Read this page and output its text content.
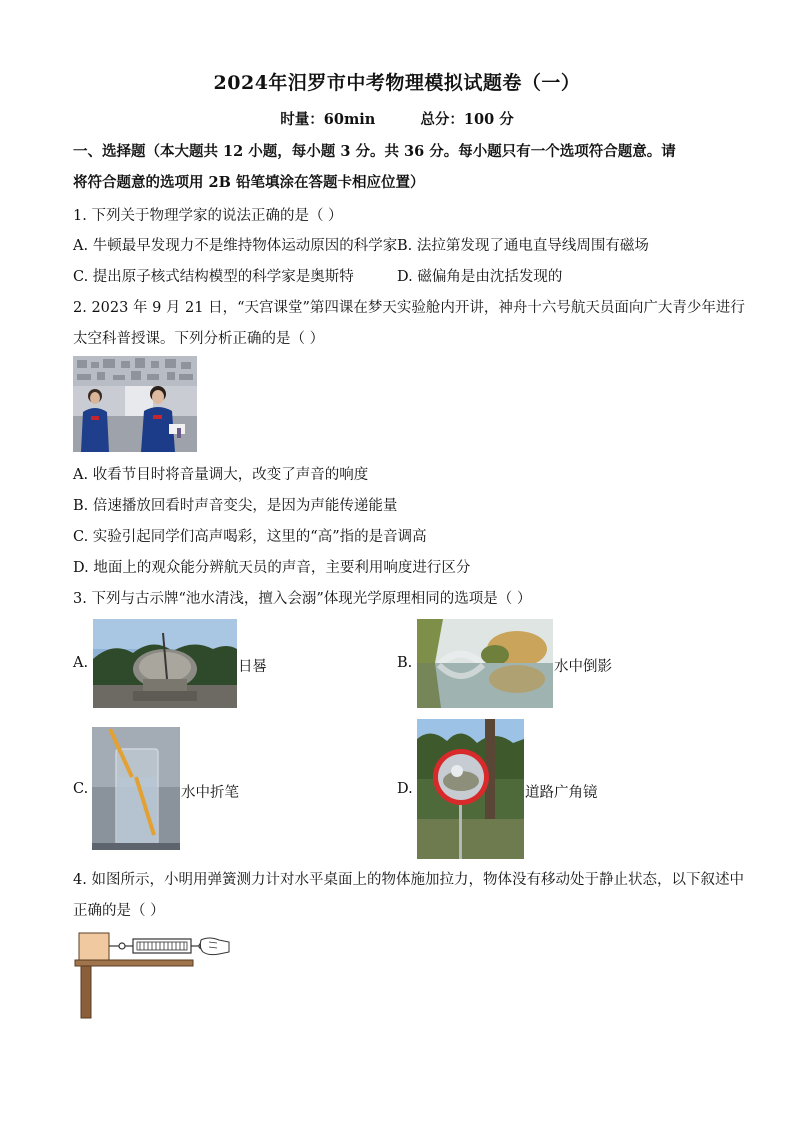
2024年汨罗市中考物理模拟试题卷（一）
时量：60min	总分：100 分
一、选择题（本大题共 12 小题，每小题 3 分。共 36 分。每小题只有一个选项符合题意。请
将符合题意的选项用 2B 铅笔填涂在答题卡相应位置）
1. 下列关于物理学家的说法正确的是（ ）
A. 牛顿最早发现力不是维持物体运动原因的科学家 B. 法拉第发现了通电直导线周围有磁场
C. 提出原子核式结构模型的科学家是奥斯特	D. 磁偏角是由沈括发现的
2. 2023 年 9 月 21 日，“天宫课堂”第四课在梦天实验舱内开讲，神舟十六号航天员面向广大青少年进行
太空科普授课。下列分析正确的是（ ）
A. 收看节目时将音量调大，改变了声音的响度
B. 倍速播放回看时声音变尖，是因为声能传递能量
C. 实验引起同学们高声喝彩，这里的“高”指的是音调高
D. 地面上的观众能分辨航天员的声音，主要利用响度进行区分
3. 下列与古示牌“池水清浅，擅入会溺”体现光学原理相同的选项是（ ）
A.	日晷	B.	水中倒影
C.	水中折笔	D.	道路广角镜
4. 如图所示，小明用弹簧测力计对水平桌面上的物体施加拉力，物体没有移动处于静止状态，以下叙述中
正确的是（ ）
